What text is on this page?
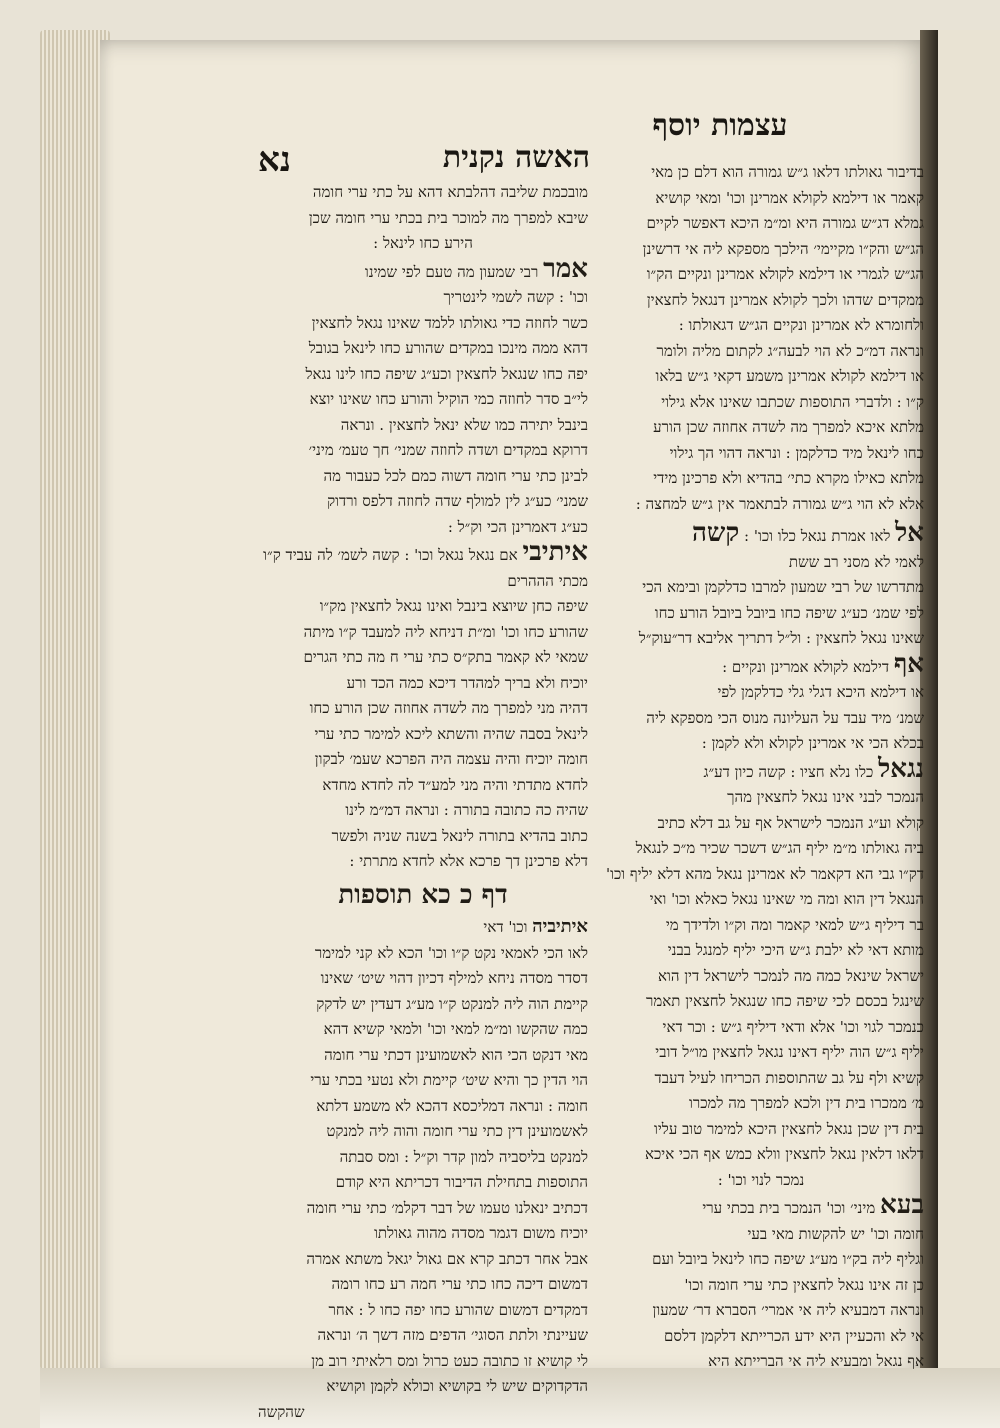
נא	האשה נקנית
עצמות יוסף
מובכמת שליבה דהלבתא דהא על כתי ערי חומה
שיבא למפרך מה למוכר בית בכתי ערי חומה שכן
הירע כחו לינאל :
אמר רבי שמעון מה טעם לפי שמינו
וכו' : קשה לשמי לינטריך
כשר לחוזה כדי גאולתו ללמד שאינו נגאל לחצאין
דהא ממה מינכו במקדים שהורע כחו לינאל בגובל
יפה כחו שנגאל לחצאין וכע״ג שיפה כחו לינו נגאל
לי״ב סדר לחוזה כמי הוקיל והורע כחו שאינו יוצא
בינבל יתירה כמו שלא ינאל לחצאין . ונראה
דרוקא במקדים ושדה לחוזה שמני׳ חך טעמ׳ מיני׳
לבינן כתי ערי חומה דשוה כמם לכל כעבור מה
שמני׳ כע״ג לין למולף שדה לחוזה דלפס ורדוק
כע״ג דאמרינן הכי וק״ל :
איתיבי אם נגאל נגאל וכו' : קשה לשמ׳ לה עביד ק״ו
מכתי הההרים
שיפה כחן שיוצא בינבל ואינו נגאל לחצאין מק״ו
שהורע כחו וכו' ומ״ת דניחא ליה למעבד ק״ו מיתה
שמאי לא קאמר בתק״ס כתי ערי ח מה כתי הגרים
יוכיח ולא בריך למהדר דיכא כמה הכד ורע
דהיה מני למפרך מה לשדה אחוזה שכן הורע כחו
לינאל בסבה שהיה והשתא ליכא למימר כתי ערי
חומה יוכיח והיה עצמה היה הפרכא שעמ׳ לבקון
לחדא מתדתי והיה מני למע״ד לה לחדא מחדא
שהיה כה כתובה בתורה : ונראה דמ״מ לינו
כתוב בהדיא בתורה לינאל בשנה שניה ולפשר
דלא פרכינן דך פרכא אלא לחדא מתרתי :
דף כ כא תוספות
איתיביה וכו' דאי
לאו הכי לאמאי נקט ק״ו וכו' הכא לא קני למימר
דסדר מסדה ניחא למילף דכיון דהוי שיט׳ שאינו
קיימת הוה ליה למנקט ק״ו מע״ג דעדין יש לדקק
כמה שהקשו ומ״מ למאי וכו' ולמאי קשיא דהא
מאי דנקט הכי הוא לאשמועינן דכתי ערי חומה
הוי הדין כך והיא שיט׳ קיימת ולא נטעי בכתי ערי
חומה : ונראה דמליכסא דהכא לא משמע דלתא
לאשמועינן דין כתי ערי חומה והוה ליה למנקט
למנקט בליסביה למון קדר וק״ל : ומס סבתה
התוספות בתחילת הדיבור דכריתא היא קודם
דכתיב ינאלנו טעמו של דבר דקלמ׳ כתי ערי חומה
יוכיח משום דגמר מסדה מהוה גאולתו
אבל אחר דכתב קרא אם גאול יגאל משתא אמרה
דמשום דיכה כחו כתי ערי חמה רע כחו רומה
דמקדים דמשום שהורע כחו יפה כחו ל : אחר
שעיינתי ולתת הסוגי׳ הדפים מזה דשך ה׳ ונראה
לי קושיא זו כתובה כעט כרול ומס רלאיתי רוב מן
הדקדוקים שיש לי בקושיא וכולא לקמן וקושיא
שהקשה
בדיבור גאולתו דלאו ג״ש גמורה הוא דלם כן מאי
קאמר או דילמא לקולא אמרינן וכו' ומאי קושיא
גמלא דג״ש גמורה היא ומ״מ היכא דאפשר לקיים
הג״ש והק״ו מקיימי׳ הילכך מספקא ליה אי דרשינן
הג״ש לגמרי או דילמא לקולא אמרינן ונקיים הק״ו
ממקדים שדהו ולכך לקולא אמרינן דנגאל לחצאין
ולחומרא לא אמרינן ונקיים הג״ש דגאולתו :
ונראה דמ״כ לא הוי לבעה״ג לקתום מליה ולומר
או דילמא לקולא אמרינן משמע דקאי ג״ש בלאו
ק״ו : ולדברי התוספות שכתבו שאינו אלא גילוי
מלתא איכא למפרך מה לשדה אחוזה שכן הורע
כחו לינאל מיד כדלקמן : ונראה דהוי הך גילוי
מלתא כאילו מקרא כתי׳ בהדיא ולא פרכינן מידי
אלא לא הוי ג״ש גמורה לבתאמר אין ג״ש למחצה :
אל לאו אמרת נגאל כלו וכו' : קשה
לאמי לא מסני רב ששת
מתדרשו של רבי שמעון למרבו כדלקמן ובימא הכי
לפי שמנ׳ כע״ג שיפה כחו ביובל ביובל הורע כחו
שאינו נגאל לחצאין : ול״ל דתריך אליבא דר״עוק״ל
אף דילמא לקולא אמרינן ונקיים :
או דילמא היכא דגלי גלי כדלקמן לפי
שמנ׳ מיד עבד על העליונה מנוס הכי מספקא ליה
בכלא הכי אי אמרינן לקולא ולא לקמן :
נגאל כלו נלא חציו : קשה כיון דע״ג
הנמכר לבני אינו נגאל לחצאין מהך
קולא וע״ג הנמכר לישראל אף על גב דלא כתיב
ביה גאולתו מ״מ יליף הג״ש דשכר שכיר מ״כ לנגאל
דק״ו גבי הא דקאמר לא אמרינן נגאל מהא דלא יליף וכו'
הנגאל דין הוא ומה מי שאינו נגאל כאלא וכו' ואי
בר דיליף ג״ש למאי קאמר ומה וק״ו ולדידך מי
מותא דאי לא ילבת ג״ש היכי יליף למנגל בבני
ישראל שינאל כמה מה לנמכר לישראל דין הוא
שינגל בכסם לכי שיפה כחו שנגאל לחצאין תאמר
כנמכר לגוי וכו' אלא ודאי דיליף ג״ש : וכר דאי
יליף ג״ש הוה יליף דאינו נגאל לחצאין מו״ל דובי
קשיא ולף על גב שהתוספות הכריחו לעיל דעבד
מ׳ ממכרו בית דין ולכא למפרך מה למכרו
בית דין שכן נגאל לחצאין היכא למימר טוב עליו
דלאו דלאין נגאל לחצאין וולא כמש אף הכי איכא
נמכר לנוי וכו' :
בעא מיני׳ וכו' הנמכר בית בכתי ערי
חומה וכו' יש להקשות מאי בעי
וגליף ליה בק״ו מע״ג שיפה כחו לינאל ביובל ועם
כן זה אינו נגאל לחצאין כתי ערי חומה וכו'
ונראה דמבעיא ליה אי אמרי׳ הסברא דר׳ שמעון
אי לא והכעיין היא ידע הכרייתא דלקמן דלסם
אף נגאל ומבעיא ליה אי הברייתא היא
